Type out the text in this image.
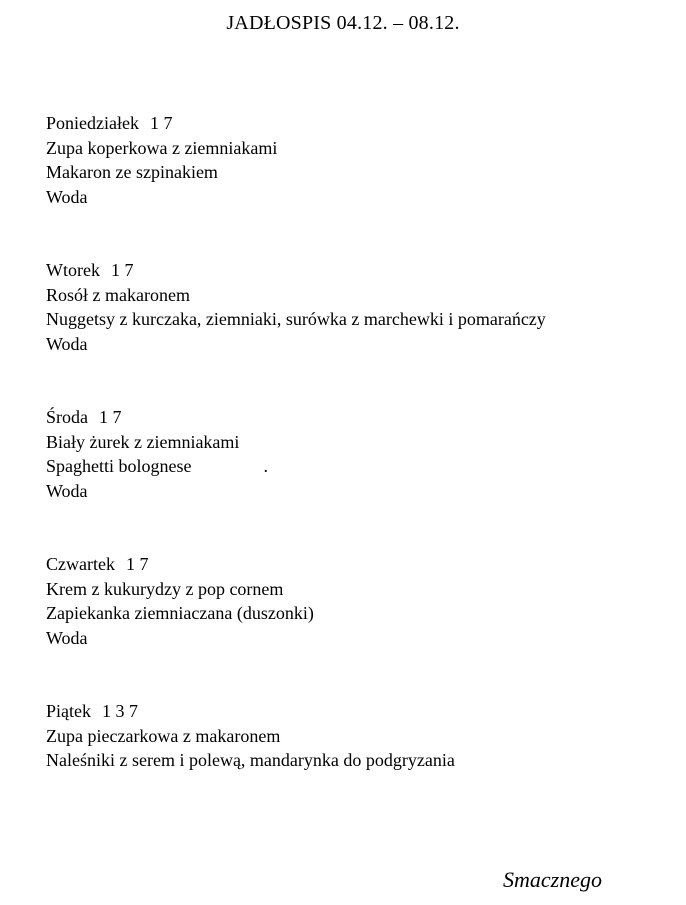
JADŁOSPIS 04.12. – 08.12.
Poniedziałek 1 7
Zupa koperkowa z ziemniakami
Makaron ze szpinakiem
Woda
Wtorek 1 7
Rosół z makaronem
Nuggetsy z kurczaka, ziemniaki, surówka z marchewki i pomarańczy
Woda
Środa 1 7
Biały żurek z ziemniakami
Spaghetti bolognese	.
Woda
Czwartek 1 7
Krem z kukurydzy z pop cornem
Zapiekanka ziemniaczana (duszonki)
Woda
Piątek 1 3 7
Zupa pieczarkowa z makaronem
Naleśniki z serem i polewą, mandarynka do podgryzania
Smacznego
